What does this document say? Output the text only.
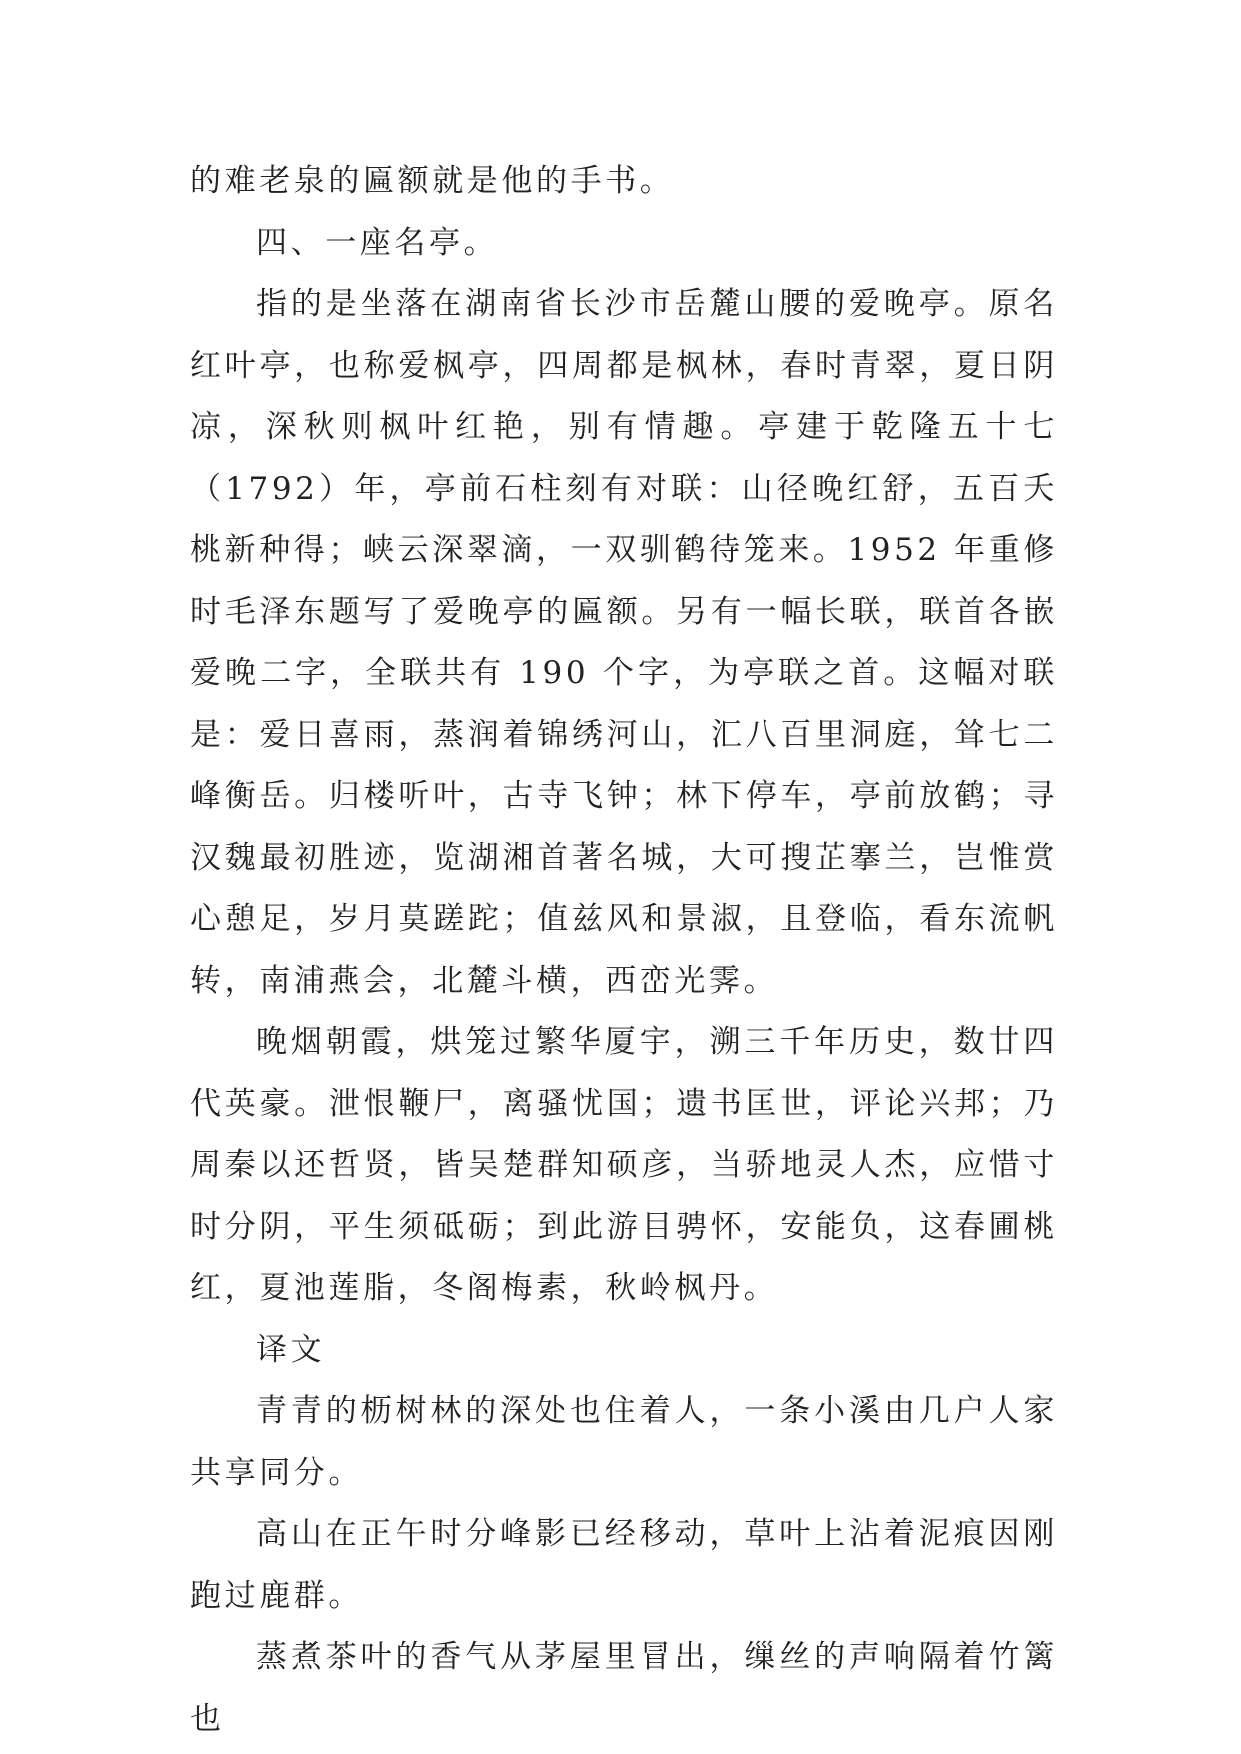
的难老泉的匾额就是他的手书。

四、一座名亭。

指的是坐落在湖南省长沙市岳麓山腰的爱晚亭。原名红叶亭，也称爱枫亭，四周都是枫林，春时青翠，夏日阴凉，深秋则枫叶红艳，别有情趣。亭建于乾隆五十七（1792）年，亭前石柱刻有对联：山径晚红舒，五百夭桃新种得；峡云深翠滴，一双驯鹤待笼来。1952 年重修时毛泽东题写了爱晚亭的匾额。另有一幅长联，联首各嵌爱晚二字，全联共有 190 个字，为亭联之首。这幅对联是：爱日喜雨，蒸润着锦绣河山，汇八百里洞庭，耸七二峰衡岳。归楼听叶，古寺飞钟；林下停车，亭前放鹤；寻汉魏最初胜迹，览湖湘首著名城，大可搜芷搴兰，岂惟赏心憩足，岁月莫蹉跎；值兹风和景淑，且登临，看东流帆转，南浦燕会，北麓斗横，西峦光霁。

晚烟朝霞，烘笼过繁华厦宇，溯三千年历史，数廿四代英豪。泄恨鞭尸，离骚忧国；遗书匡世，评论兴邦；乃周秦以还哲贤，皆吴楚群知硕彦，当骄地灵人杰，应惜寸时分阴，平生须砥砺；到此游目骋怀，安能负，这春圃桃红，夏池莲脂，冬阁梅素，秋岭枫丹。

译文

青青的枥树林的深处也住着人，一条小溪由几户人家共享同分。

高山在正午时分峰影已经移动，草叶上沾着泥痕因刚跑过鹿群。

蒸煮茶叶的香气从茅屋里冒出，缫丝的声响隔着竹篱也
